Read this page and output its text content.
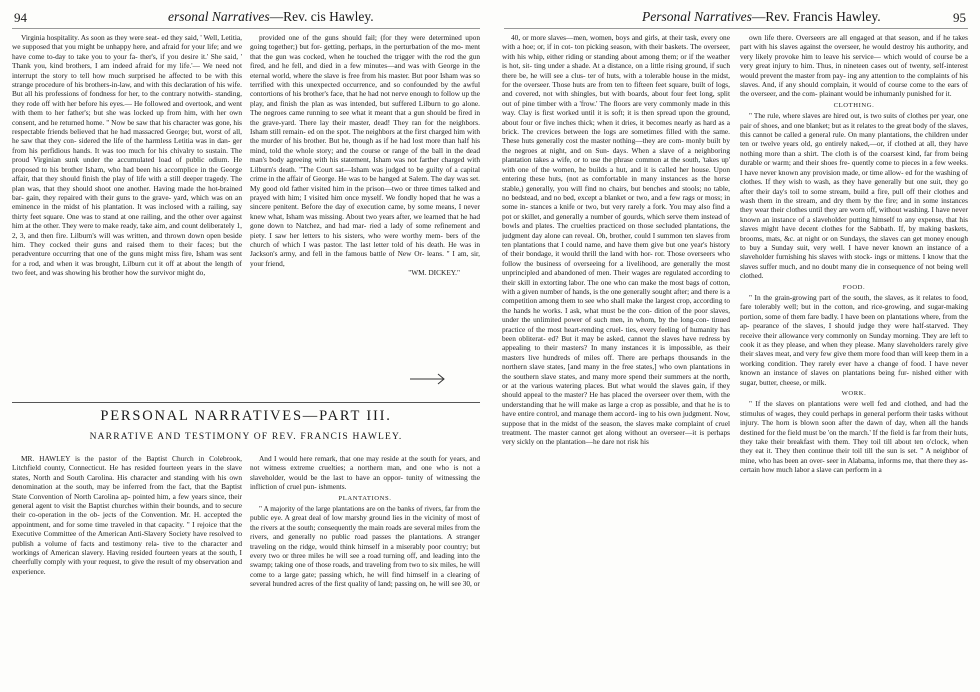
94	ersonal Narratives—Rev. cis Hawley.

Virginia hospitality. As soon as they were seat- ed they said, ' Well, Letitia, we supposed that you might be unhappy here, and afraid for your life; and we have come to-day to take you to your fa- ther's, if you desire it.' She said, ' Thank you, kind brothers, I am indeed afraid for my life.'— We need not interrupt the story to tell how much surprised he affected to be with this strange procedure of his brothers-in-law, and with this declaration of his wife. But all his professions of fondness for her, to the contrary notwith- standing, they rode off with her before his eyes.— He followed and overtook, and went with them to her father's; but she was locked up from him, with her own consent, and he returned home. " Now be saw that his character was gone, his respectable friends believed that he had massacred George; but, worst of all, he saw that they con- sidered the life of the harmless Letitia was in dan- ger from his perfidious hands. It was too much for his chivalry to sustain. The proud Virginian sunk under the accumulated load of public odium. He proposed to his brother Isham, who had been his accomplice in the George affair, that they should finish the play of life with a still deeper tragedy. The plan was, that they should shoot one another. Having made the hot-brained bar- gain, they repaired with their guns to the grave- yard, which was on an eminence in the midst of his plantation. It was inclosed with a railing, say thirty feet square. One was to stand at one railing, and the other over against him at the other. They were to make ready, take aim, and count deliberately 1, 2, 3, and then fire. Lilburn's will was written, and thrown down open beside him. They cocked their guns and raised them to their faces; but the peradventure occurring that one of the guns might miss fire, Isham was sent for a rod, and when it was brought, Lilburn cut it off at about the length of two feet, and was showing his brother how the survivor might do,

provided one of the guns should fail; (for they were determined upon going together;) but for- getting, perhaps, in the perturbation of the mo- ment that the gun was cocked, when he touched the trigger with the rod the gun fired, and he fell, and died in a few minutes—and was with George in the eternal world, where the slave is free from his master. But poor Isham was so terrified with this unexpected occurrence, and so confounded by the awful contortions of his brother's face, that he had not nerve enough to follow up the play, and finish the plan as was intended, but suffered Lilburn to go alone. The negroes came running to see what it meant that a gun should be fired in the grave-yard. There lay their master, dead! They ran for the neighbors. Isham still remain- ed on the spot. The neighbors at the first charged him with the murder of his brother. But he, though as if he had lost more than half his mind, told the whole story; and the course or range of the ball in the dead man's body agreeing with his statement, Isham was not farther charged with Lilburn's death. "The Court sat—Isham was judged to be guilty of a capital crime in the affair of George. He was to be hanged at Salem. The day was set. My good old father visited him in the prison—two or three times talked and prayed with him; I visited him once myself. We fondly hoped that he was a sincere penitent. Before the day of execution came, by some means, I never knew what, Isham was missing. About two years after, we learned that he had gone down to Natchez, and had mar- ried a lady of some refinement and piety. I saw her letters to his sisters, who were worthy mem- bers of the church of which I was pastor. The last letter told of his death. He was in Jackson's army, and fell in the famous battle of New Or- leans. " I am, sir, your friend,

"WM. DICKEY."

PERSONAL NARRATIVES—PART III.
NARRATIVE AND TESTIMONY OF REV. FRANCIS HAWLEY.

MR. HAWLEY is the pastor of the Baptist Church in Colebrook, Litchfield county, Connecticut. He has resided fourteen years in the slave states, North and South Carolina. His character and standing with his own denomination at the south, may be inferred from the fact, that the Baptist State Convention of North Carolina ap- pointed him, a few years since, their general agent to visit the Baptist churches within their bounds, and to secure their co-operation in the ob- jects of the Convention. Mr. H. accepted the appointment, and for some time traveled in that capacity. " I rejoice that the Executive Committee of the American Anti-Slavery Society have resolved to publish a volume of facts and testimony rela- tive to the character and workings of American slavery. Having resided fourteen years at the south, I cheerfully comply with your request, to give the result of my observation and experience.

And I would here remark, that one may reside at the south for years, and not witness extreme cruelties; a northern man, and one who is not a slaveholder, would be the last to have an oppor- tunity of witnessing the infliction of cruel pun- ishments.

PLANTATIONS.

" A majority of the large plantations are on the banks of rivers, far from the public eye. A great deal of low marshy ground lies in the vicinity of most of the rivers at the south; consequently the main roads are several miles from the rivers, and generally no public road passes the plantations. A stranger traveling on the ridge, would think himself in a miserably poor country; but every two or three miles he will see a road turning off, and leading into the swamp; taking one of those roads, and traveling from two to six miles, he will come to a large gate; passing which, he will find himself in a clearing of several hundred acres of the first quality of land; passing on, he will see 30, or

Personal Narratives—Rev. Francis Hawley.	95

40, or more slaves—men, women, boys and girls, at their task, every one with a hoe; or, if in cot- ton picking season, with their baskets. The overseer, with his whip, either riding or standing about among them; or if the weather is hot, sit- ting under a shade. At a distance, on a little rising ground, if such there be, he will see a clus- ter of huts, with a tolerable house in the midst, for the overseer. Those huts are from ten to fifteen feet square, built of logs, and covered, not with shingles, but with boards, about four feet long, split out of pine timber with a 'frow.' The floors are very commonly made in this way. Clay is first worked until it is soft; it is then spread upon the ground, about four or five inches thick; when it dries, it becomes nearly as hard as a brick. The crevices between the logs are sometimes filled with the same. These huts generally cost the master nothing—they are com- monly built by the negroes at night, and on Sun- days. When a slave of a neighboring plantation takes a wife, or to use the phrase common at the south, 'takes up' with one of the women, he builds a hut, and it is called her house. Upon entering these huts, (not as comfortable in many instances as the horse stable,) generally, you will find no chairs, but benches and stools; no table, no bedstead, and no bed, except a blanket or two, and a few rags or moss; in some in- stances a knife or two, but very rarely a fork. You may also find a pot or skillet, and generally a number of gourds, which serve them instead of bowls and plates. The cruelties practiced on those secluded plantations, the judgment day alone can reveal. Oh, brother, could I summon ten slaves from ten plantations that I could name, and have them give but one year's history of their bondage, it would thrill the land with hor- ror. Those overseers who follow the business of overseeing for a livelihood, are generally the most unprincipled and abandoned of men. Their wages are regulated according to their skill in extorting labor. The one who can make the most bags of cotton, with a given number of hands, is the one generally sought after; and there is a competition among them to see who shall make the largest crop, according to the hands he works. I ask, what must be the con- dition of the poor slaves, under the unlimited power of such men, in whom, by the long-con- tinued practice of the most heart-rending cruel- ties, every feeling of humanity has been obliterat- ed? But it may be asked, cannot the slaves have redress by appealing to their masters? In many instances it is impossible, as their masters live hundreds of miles off. There are perhaps thousands in the northern slave states, [and many in the free states,] who own plantations in the southern slave states, and many more spend their summers at the north, or at the various watering places. But what would the slaves gain, if they should appeal to the master? He has placed the overseer over them, with the understanding that he will make as large a crop as possible, and that he is to have entire control, and manage them accord- ing to his own judgment. Now, suppose that in the midst of the season, the slaves make complaint of cruel treatment. The master cannot get along without an overseer—it is perhaps very sickly on the plantation—he dare not risk his

own life there. Overseers are all engaged at that season, and if he takes part with his slaves against the overseer, he would destroy his authority, and very likely provoke him to leave his service— which would of course be a very great injury to him. Thus, in nineteen cases out of twenty, self-interest would prevent the master from pay- ing any attention to the complaints of his slaves. And, if any should complain, it would of course come to the ears of the overseer, and the com- plainant would be inhumanly punished for it.

CLOTHING.

" The rule, where slaves are hired out, is two suits of clothes per year, one pair of shoes, and one blanket; but as it relates to the great body of the slaves, this cannot be called a general rule. On many plantations, the children under ten or twelve years old, go entirely naked,—or, if clothed at all, they have nothing more than a shirt. The cloth is of the coarsest kind, far from being durable or warm; and their shoes fre- quently come to pieces in a few weeks. I have never known any provision made, or time allow- ed for the washing of clothes. If they wish to wash, as they have generally but one suit, they go after their day's toil to some stream, build a fire, pull off their clothes and wash them in the stream, and dry them by the fire; and in some instances they wear their clothes until they are worn off, without washing. I have never known an instance of a slaveholder putting himself to any expense, that his slaves might have decent clothes for the Sabbath. If, by making baskets, brooms, mats, &c. at night or on Sundays, the slaves can get money enough to buy a Sunday suit, very well. I have never known an instance of a slaveholder furnishing his slaves with stock- ings or mittens. I know that the slaves suffer much, and no doubt many die in consequence of not being well clothed.

FOOD.

" In the grain-growing part of the south, the slaves, as it relates to food, fare tolerably well; but in the cotton, and rice-growing, and sugar-making portion, some of them fare badly. I have been on plantations where, from the ap- pearance of the slaves, I should judge they were half-starved. They receive their allowance very commonly on Sunday morning. They are left to cook it as they please, and when they please. Many slaveholders rarely give their slaves meat, and very few give them more food than will keep them in a working condition. They rarely ever have a change of food. I have never known an instance of slaves on plantations being fur- nished either with sugar, butter, cheese, or milk.

WORK.

" If the slaves on plantations were well fed and clothed, and had the stimulus of wages, they could perhaps in general perform their tasks without injury. The horn is blown soon after the dawn of day, when all the hands destined for the field must be 'on the march.' If the field is far from their huts, they take their breakfast with them. They toil till about ten o'clock, when they eat it. They then continue their toil till the sun is set. " A neighbor of mine, who has been an over- seer in Alabama, informs me, that there they as- certain how much labor a slave can perform in a
